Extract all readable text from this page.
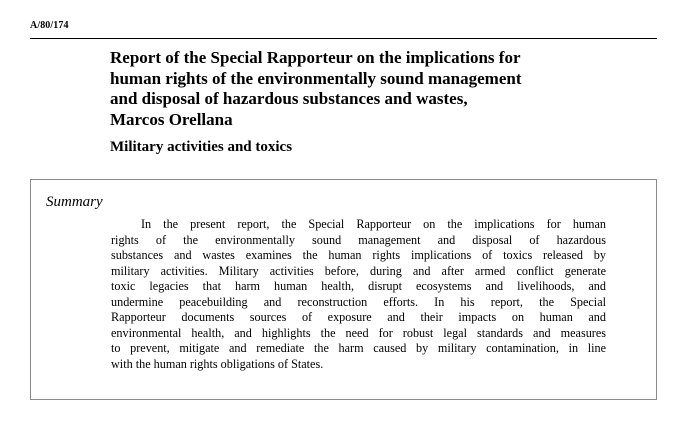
A/80/174
Report of the Special Rapporteur on the implications for
human rights of the environmentally sound management
and disposal of hazardous substances and wastes,
Marcos Orellana
Military activities and toxics
Summary
In the present report, the Special Rapporteur on the implications for human
rights of the environmentally sound management and disposal of hazardous
substances and wastes examines the human rights implications of toxics released by
military activities. Military activities before, during and after armed conflict generate
toxic legacies that harm human health, disrupt ecosystems and livelihoods, and
undermine peacebuilding and reconstruction efforts. In his report, the Special
Rapporteur documents sources of exposure and their impacts on human and
environmental health, and highlights the need for robust legal standards and measures
to prevent, mitigate and remediate the harm caused by military contamination, in line
with the human rights obligations of States.
